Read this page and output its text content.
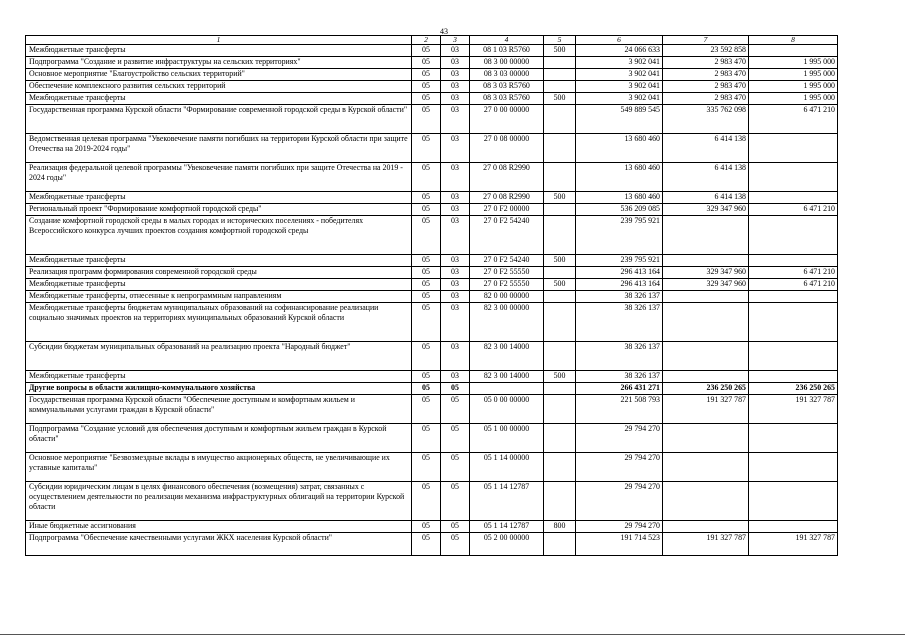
43
1	2	3	4	5	6	7	8
Межбюджетные трансферты	05	03	08 1 03 R5760	500	24 066 633	23 592 858	
Подпрограмма "Создание и развитие инфраструктуры на сельских территориях"	05	03	08 3 00 00000		3 902 041	2 983 470	1 995 000
Основное мероприятие "Благоустройство сельских территорий"	05	03	08 3 03 00000		3 902 041	2 983 470	1 995 000
Обеспечение комплексного развития сельских территорий	05	03	08 3 03 R5760		3 902 041	2 983 470	1 995 000
Межбюджетные трансферты	05	03	08 3 03 R5760	500	3 902 041	2 983 470	1 995 000
Государственная программа Курской области "Формирование современной городской среды в Курской области"	05	03	27 0 00 00000		549 889 545	335 762 098	6 471 210
Ведомственная целевая программа "Увековечение памяти погибших на территории Курской области при защите Отечества на 2019-2024 годы"	05	03	27 0 08 00000		13 680 460	6 414 138	
Реализация федеральной целевой программы "Увековечение памяти погибших при защите Отечества на 2019 - 2024 годы"	05	03	27 0 08 R2990		13 680 460	6 414 138	
Межбюджетные трансферты	05	03	27 0 08 R2990	500	13 680 460	6 414 138	
Региональный проект "Формирование комфортной городской среды"	05	03	27 0 F2 00000		536 209 085	329 347 960	6 471 210
Создание комфортной городской среды в малых городах и исторических поселениях - победителях Всероссийского конкурса лучших проектов создания комфортной городской среды	05	03	27 0 F2 54240		239 795 921		
Межбюджетные трансферты	05	03	27 0 F2 54240	500	239 795 921		
Реализация программ формирования современной городской среды	05	03	27 0 F2 55550		296 413 164	329 347 960	6 471 210
Межбюджетные трансферты	05	03	27 0 F2 55550	500	296 413 164	329 347 960	6 471 210
Межбюджетные трансферты, отнесенные к непрограммным направлениям	05	03	82 0 00 00000		38 326 137		
Межбюджетные трансферты бюджетам муниципальных образований на софинансирование реализации социально значимых проектов на территориях муниципальных образований Курской области	05	03	82 3 00 00000		38 326 137		
Субсидии бюджетам муниципальных образований на реализацию проекта "Народный бюджет"	05	03	82 3 00 14000		38 326 137		
Межбюджетные трансферты	05	03	82 3 00 14000	500	38 326 137		
Другие вопросы в области жилищно-коммунального хозяйства	05	05			266 431 271	236 250 265	236 250 265
Государственная программа Курской области "Обеспечение доступным и комфортным жильем и коммунальными услугами граждан в Курской области"	05	05	05 0 00 00000		221 508 793	191 327 787	191 327 787
Подпрограмма "Создание условий для обеспечения доступным и комфортным жильем граждан в Курской области"	05	05	05 1 00 00000		29 794 270		
Основное мероприятие "Безвозмездные вклады в имущество акционерных обществ, не увеличивающие их уставные капиталы"	05	05	05 1 14 00000		29 794 270		
Субсидии юридическим лицам в целях финансового обеспечения (возмещения) затрат, связанных с осуществлением деятельности по реализации механизма инфраструктурных облигаций на территории Курской области	05	05	05 1 14 12787		29 794 270		
Иные бюджетные ассигнования	05	05	05 1 14 12787	800	29 794 270		
Подпрограмма "Обеспечение качественными услугами ЖКХ населения Курской области"	05	05	05 2 00 00000		191 714 523	191 327 787	191 327 787
